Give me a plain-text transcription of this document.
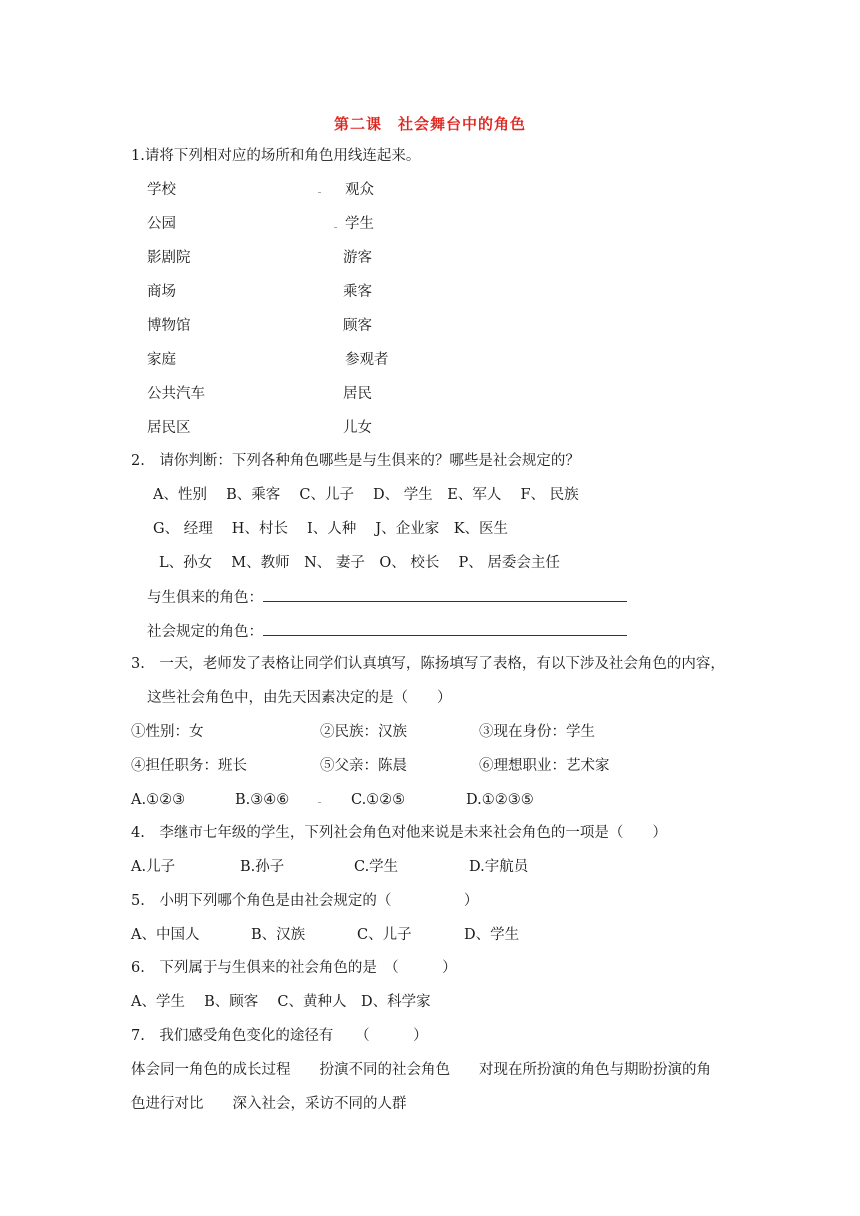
第二课　社会舞台中的角色
1.请将下列相对应的场所和角色用线连起来。
学校
公园
影剧院
商场
博物馆
家庭
公共汽车
居民区
观众
学生
游客
乘客
顾客
参观者
居民
儿女
2.　请你判断：下列各种角色哪些是与生俱来的？哪些是社会规定的？
A、性别　 B、乘客　 C、儿子　 D、 学生　E、军人　 F、 民族
G、 经理　 H、村长　 I、人种　 J、企业家　K、医生
L、孙女　 M、教师　N、 妻子　O、 校长　 P、 居委会主任
与生俱来的角色：
社会规定的角色：
3.　一天，老师发了表格让同学们认真填写，陈扬填写了表格，有以下涉及社会角色的内容，
这些社会角色中，由先天因素决定的是（　　）
①性别：女	②民族：汉族	③现在身份：学生
④担任职务：班长	⑤父亲：陈晨	⑥理想职业：艺术家
A.①②③	B.③④⑥	C.①②⑤	D.①②③⑤
4.　李继市七年级的学生，下列社会角色对他来说是未来社会角色的一项是（　　）
A.儿子	B.孙子	C.学生	D.宇航员
5.　小明下列哪个角色是由社会规定的（　　　　　）
A、中国人	B、汉族	C、儿子	D、学生
6.　下列属于与生俱来的社会角色的是　（　　　）
A、学生　 B、顾客　 C、黄种人　D、科学家
7.　我们感受角色变化的途径有　　（　　　）
体会同一角色的成长过程　　扮演不同的社会角色　　对现在所扮演的角色与期盼扮演的角
色进行对比　　深入社会，采访不同的人群
